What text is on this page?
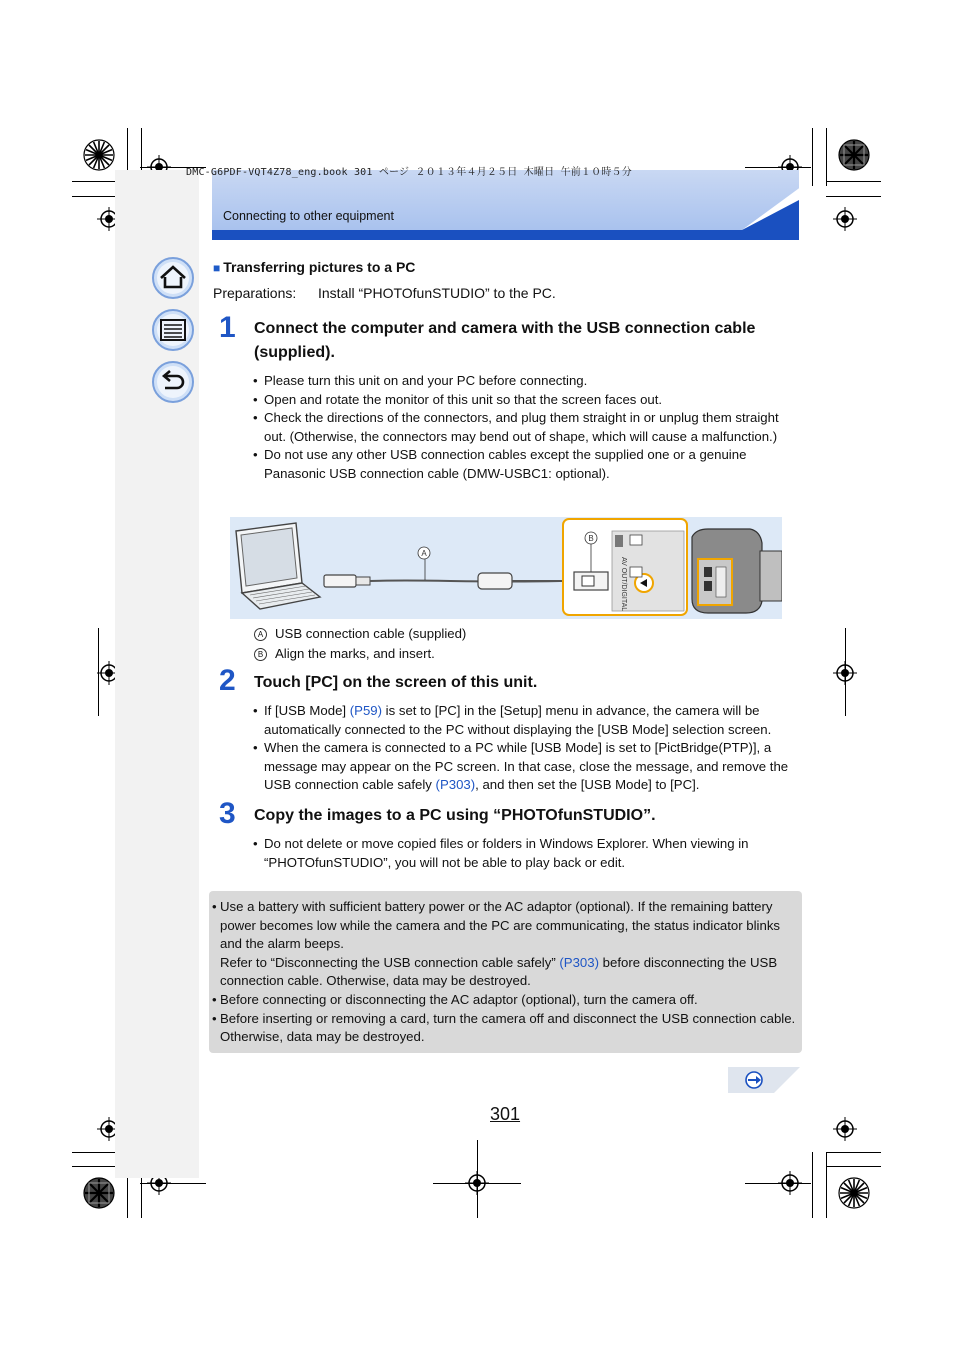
DMC-G6PDF-VQT4Z78_eng.book 301 ページ ２０１３年４月２５日 木曜日 午前１０時５分
Connecting to other equipment
■ Transferring pictures to a PC
Preparations: Install “PHOTOfunSTUDIO” to the PC.
1 Connect the computer and camera with the USB connection cable (supplied).
• Please turn this unit on and your PC before connecting.
• Open and rotate the monitor of this unit so that the screen faces out.
• Check the directions of the connectors, and plug them straight in or unplug them straight out. (Otherwise, the connectors may bend out of shape, which will cause a malfunction.)
• Do not use any other USB connection cables except the supplied one or a genuine Panasonic USB connection cable (DMW-USBC1: optional).
A
B
AV OUT/DIGITAL
A USB connection cable (supplied)
B Align the marks, and insert.
2 Touch [PC] on the screen of this unit.
• If [USB Mode] (P59) is set to [PC] in the [Setup] menu in advance, the camera will be automatically connected to the PC without displaying the [USB Mode] selection screen.
• When the camera is connected to a PC while [USB Mode] is set to [PictBridge(PTP)], a message may appear on the PC screen. In that case, close the message, and remove the USB connection cable safely (P303), and then set the [USB Mode] to [PC].
3 Copy the images to a PC using “PHOTOfunSTUDIO”.
• Do not delete or move copied files or folders in Windows Explorer. When viewing in “PHOTOfunSTUDIO”, you will not be able to play back or edit.
• Use a battery with sufficient battery power or the AC adaptor (optional). If the remaining battery power becomes low while the camera and the PC are communicating, the status indicator blinks and the alarm beeps.
Refer to “Disconnecting the USB connection cable safely” (P303) before disconnecting the USB connection cable. Otherwise, data may be destroyed.
• Before connecting or disconnecting the AC adaptor (optional), turn the camera off.
• Before inserting or removing a card, turn the camera off and disconnect the USB connection cable. Otherwise, data may be destroyed.
301
